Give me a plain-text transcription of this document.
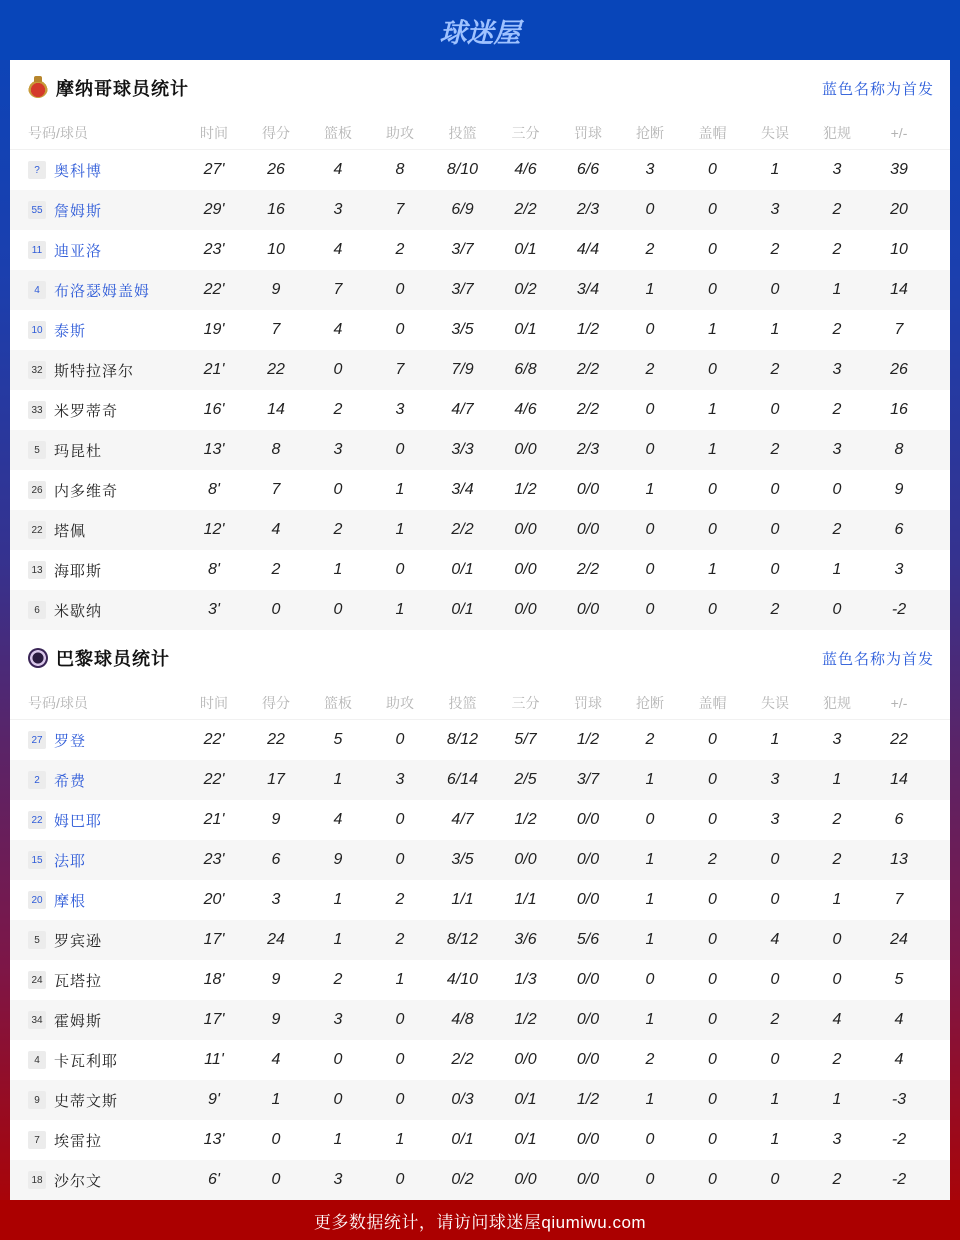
球迷屋
摩纳哥球员统计	蓝色名称为首发
号码/球员	时间	得分	篮板	助攻	投篮	三分	罚球	抢断	盖帽	失误	犯规	+/-
? 奥科博	27'	26	4	8	8/10	4/6	6/6	3	0	1	3	39
55 詹姆斯	29'	16	3	7	6/9	2/2	2/3	0	0	3	2	20
11 迪亚洛	23'	10	4	2	3/7	0/1	4/4	2	0	2	2	10
4 布洛瑟姆盖姆	22'	9	7	0	3/7	0/2	3/4	1	0	0	1	14
10 泰斯	19'	7	4	0	3/5	0/1	1/2	0	1	1	2	7
32 斯特拉泽尔	21'	22	0	7	7/9	6/8	2/2	2	0	2	3	26
33 米罗蒂奇	16'	14	2	3	4/7	4/6	2/2	0	1	0	2	16
5 玛昆杜	13'	8	3	0	3/3	0/0	2/3	0	1	2	3	8
26 内多维奇	8'	7	0	1	3/4	1/2	0/0	1	0	0	0	9
22 塔佩	12'	4	2	1	2/2	0/0	0/0	0	0	0	2	6
13 海耶斯	8'	2	1	0	0/1	0/0	2/2	0	1	0	1	3
6 米歇纳	3'	0	0	1	0/1	0/0	0/0	0	0	2	0	-2
巴黎球员统计	蓝色名称为首发
号码/球员	时间	得分	篮板	助攻	投篮	三分	罚球	抢断	盖帽	失误	犯规	+/-
27 罗登	22'	22	5	0	8/12	5/7	1/2	2	0	1	3	22
2 希费	22'	17	1	3	6/14	2/5	3/7	1	0	3	1	14
22 姆巴耶	21'	9	4	0	4/7	1/2	0/0	0	0	3	2	6
15 法耶	23'	6	9	0	3/5	0/0	0/0	1	2	0	2	13
20 摩根	20'	3	1	2	1/1	1/1	0/0	1	0	0	1	7
5 罗宾逊	17'	24	1	2	8/12	3/6	5/6	1	0	4	0	24
24 瓦塔拉	18'	9	2	1	4/10	1/3	0/0	0	0	0	0	5
34 霍姆斯	17'	9	3	0	4/8	1/2	0/0	1	0	2	4	4
4 卡瓦利耶	11'	4	0	0	2/2	0/0	0/0	2	0	0	2	4
9 史蒂文斯	9'	1	0	0	0/3	0/1	1/2	1	0	1	1	-3
7 埃雷拉	13'	0	1	1	0/1	0/1	0/0	0	0	1	3	-2
18 沙尔文	6'	0	3	0	0/2	0/0	0/0	0	0	0	2	-2
更多数据统计，请访问球迷屋qiumiwu.com
